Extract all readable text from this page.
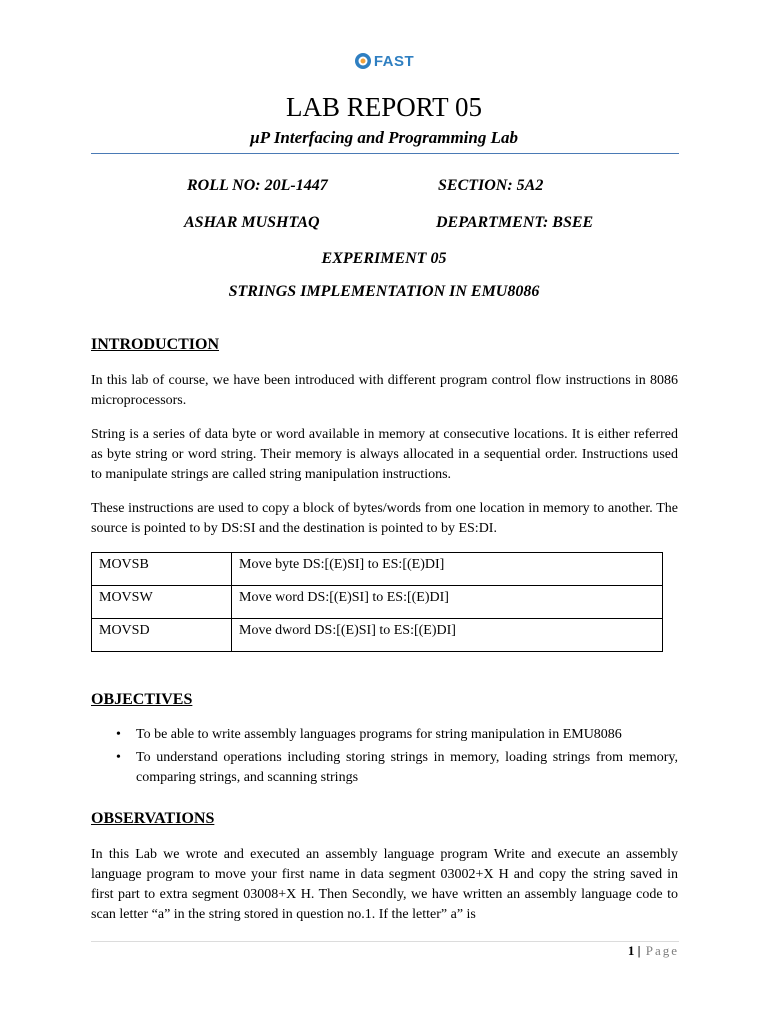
FAST
LAB REPORT 05
µP Interfacing and Programming Lab
ROLL NO: 20L-1447	SECTION: 5A2
ASHAR MUSHTAQ	DEPARTMENT: BSEE
EXPERIMENT 05
STRINGS IMPLEMENTATION IN EMU8086
INTRODUCTION

In this lab of course, we have been introduced with different program control flow instructions in 8086 microprocessors.

String is a series of data byte or word available in memory at consecutive locations. It is either referred as byte string or word string. Their memory is always allocated in a sequential order. Instructions used to manipulate strings are called string manipulation instructions.

These instructions are used to copy a block of bytes/words from one location in memory to another. The source is pointed to by DS:SI and the destination is pointed to by ES:DI.

MOVSB	Move byte DS:[(E)SI] to ES:[(E)DI]
MOVSW	Move word DS:[(E)SI] to ES:[(E)DI]
MOVSD	Move dword DS:[(E)SI] to ES:[(E)DI]
OBJECTIVES
• To be able to write assembly languages programs for string manipulation in EMU8086
• To understand operations including storing strings in memory, loading strings from memory, comparing strings, and scanning strings
OBSERVATIONS

In this Lab we wrote and executed an assembly language program Write and execute an assembly language program to move your first name in data segment 03002+X H and copy the string saved in first part to extra segment 03008+X H. Then Secondly, we have written an assembly language code to scan letter “a” in the string stored in question no.1. If the letter” a” is

1 | Page
